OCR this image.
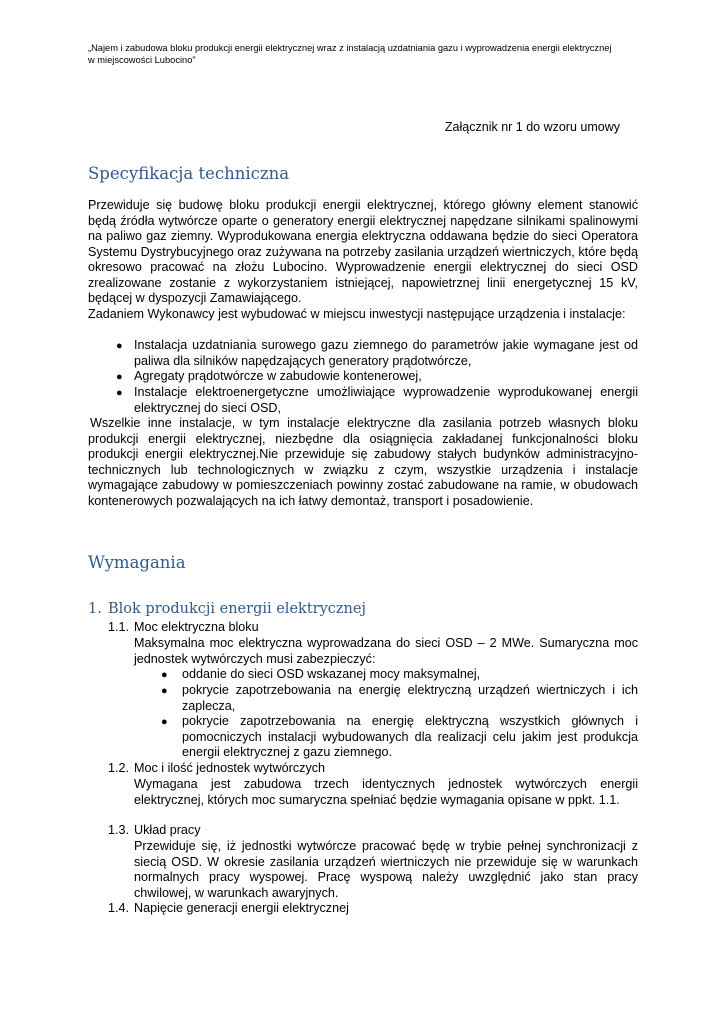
„Najem i zabudowa bloku produkcji energii elektrycznej wraz z instalacją uzdatniania gazu i wyprowadzenia energii elektrycznej
w miejscowości Lubocino”
Załącznik nr 1 do wzoru umowy
Specyfikacja techniczna

Przewiduje się budowę bloku produkcji energii elektrycznej, którego główny element stanowić będą źródła wytwórcze oparte o generatory energii elektrycznej napędzane silnikami spalinowymi na paliwo gaz ziemny. Wyprodukowana energia elektryczna oddawana będzie do sieci Operatora Systemu Dystrybucyjnego oraz zużywana na potrzeby zasilania urządzeń wiertniczych, które będą okresowo pracować na złożu Lubocino. Wyprowadzenie energii elektrycznej do sieci OSD zrealizowane zostanie z wykorzystaniem istniejącej, napowietrznej linii energetycznej 15 kV, będącej w dyspozycji Zamawiającego.

Zadaniem Wykonawcy jest wybudować w miejscu inwestycji następujące urządzenia i instalacje:

● Instalacja uzdatniania surowego gazu ziemnego do parametrów jakie wymagane jest od paliwa dla silników napędzających generatory prądotwórcze,
● Agregaty prądotwórcze w zabudowie kontenerowej,
● Instalacje elektroenergetyczne umożliwiające wyprowadzenie wyprodukowanej energii elektrycznej do sieci OSD,

Wszelkie inne instalacje, w tym instalacje elektryczne dla zasilania potrzeb własnych bloku produkcji energii elektrycznej, niezbędne dla osiągnięcia zakładanej funkcjonalności bloku produkcji energii elektrycznej.Nie przewiduje się zabudowy stałych budynków administracyjno-technicznych lub technologicznych w związku z czym, wszystkie urządzenia i instalacje wymagające zabudowy w pomieszczeniach powinny zostać zabudowane na ramie, w obudowach kontenerowych pozwalających na ich łatwy demontaż, transport i posadowienie.

Wymagania
1. Blok produkcji energii elektrycznej
1.1. Moc elektryczna bloku
Maksymalna moc elektryczna wyprowadzana do sieci OSD – 2 MWe. Sumaryczna moc jednostek wytwórczych musi zabezpieczyć:
● oddanie do sieci OSD wskazanej mocy maksymalnej,
● pokrycie zapotrzebowania na energię elektryczną urządzeń wiertniczych i ich zaplecza,
● pokrycie zapotrzebowania na energię elektryczną wszystkich głównych i pomocniczych instalacji wybudowanych dla realizacji celu jakim jest produkcja energii elektrycznej z gazu ziemnego.
1.2. Moc i ilość jednostek wytwórczych
Wymagana jest zabudowa trzech identycznych jednostek wytwórczych energii elektrycznej, których moc sumaryczna spełniać będzie wymagania opisane w ppkt. 1.1.
1.3. Układ pracy
Przewiduje się, iż jednostki wytwórcze pracować będę w trybie pełnej synchronizacji z siecią OSD. W okresie zasilania urządzeń wiertniczych nie przewiduje się w warunkach normalnych pracy wyspowej. Pracę wyspową należy uwzględnić jako stan pracy chwilowej, w warunkach awaryjnych.
1.4. Napięcie generacji energii elektrycznej
